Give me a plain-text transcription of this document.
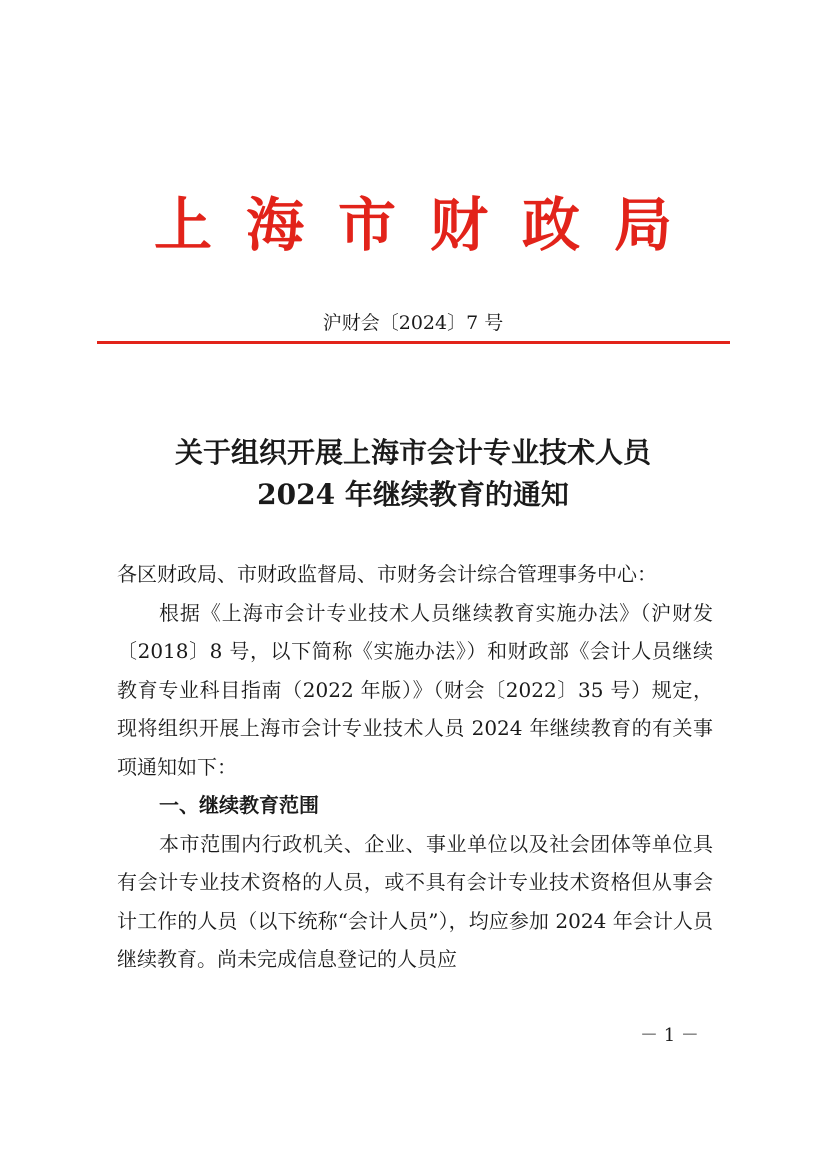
上海市财政局
沪财会〔2024〕7 号
关于组织开展上海市会计专业技术人员
2024 年继续教育的通知

各区财政局、市财政监督局、市财务会计综合管理事务中心：

根据《上海市会计专业技术人员继续教育实施办法》（沪财发〔2018〕8 号，以下简称《实施办法》）和财政部《会计人员继续教育专业科目指南（2022 年版）》（财会〔2022〕35 号）规定，现将组织开展上海市会计专业技术人员 2024 年继续教育的有关事项通知如下：

一、继续教育范围

本市范围内行政机关、企业、事业单位以及社会团体等单位具有会计专业技术资格的人员，或不具有会计专业技术资格但从事会计工作的人员（以下统称“会计人员”），均应参加 2024 年会计人员继续教育。尚未完成信息登记的人员应

－ 1 －
